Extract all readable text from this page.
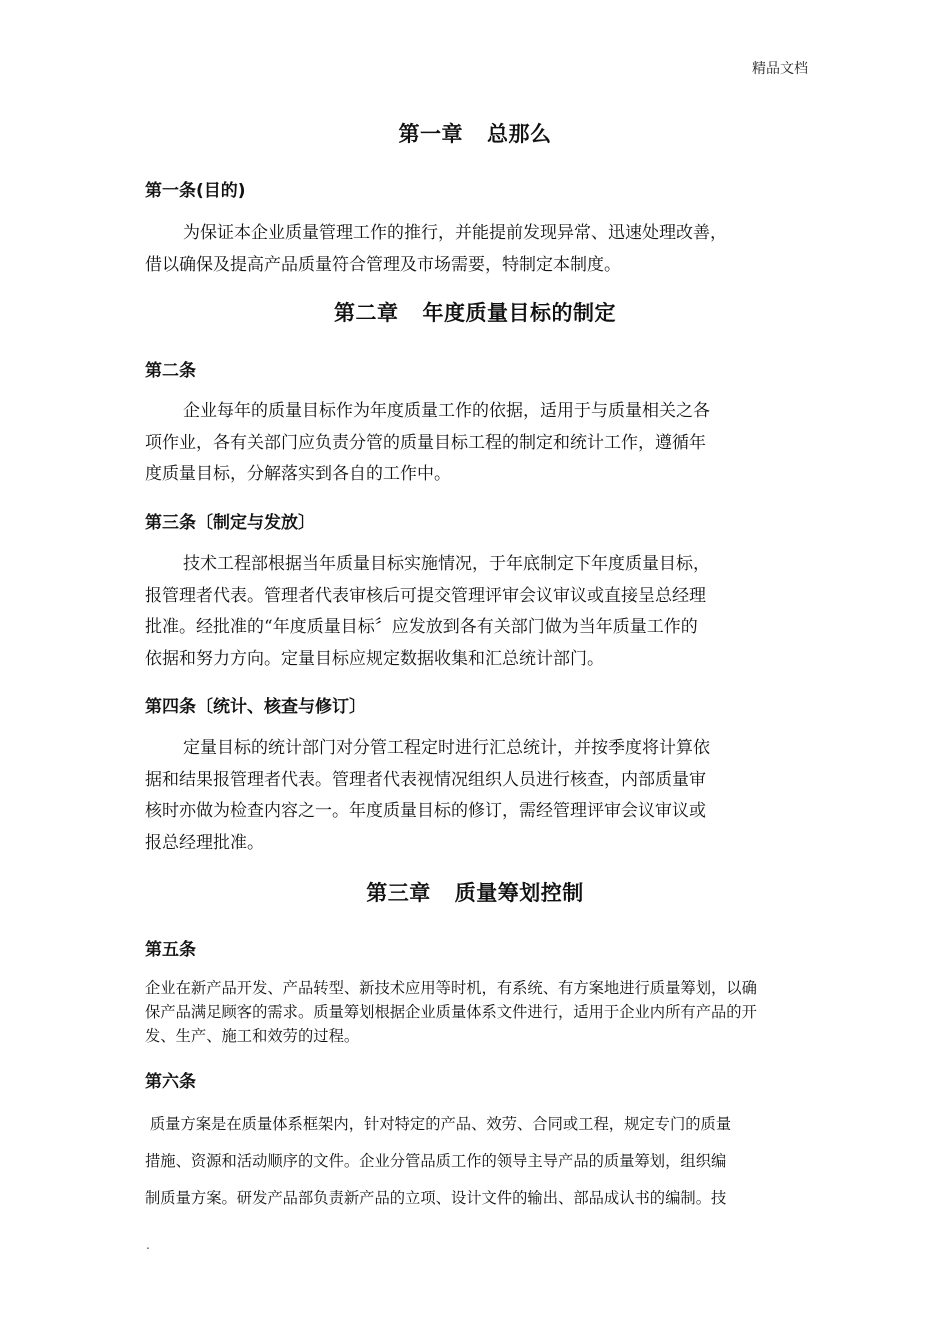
精品文档
第一章 总那么
第一条(目的)
为保证本企业质量管理工作的推行，并能提前发现异常、迅速处理改善，
借以确保及提高产品质量符合管理及市场需要，特制定本制度。
第二章 年度质量目标的制定
第二条
企业每年的质量目标作为年度质量工作的依据，适用于与质量相关之各
项作业，各有关部门应负责分管的质量目标工程的制定和统计工作，遵循年
度质量目标，分解落实到各自的工作中。
第三条〔制定与发放〕
技术工程部根据当年质量目标实施情况，于年底制定下年度质量目标，
报管理者代表。管理者代表审核后可提交管理评审会议审议或直接呈总经理
批准。经批准的“年度质量目标〞应发放到各有关部门做为当年质量工作的
依据和努力方向。定量目标应规定数据收集和汇总统计部门。
第四条〔统计、核查与修订〕
定量目标的统计部门对分管工程定时进行汇总统计，并按季度将计算依
据和结果报管理者代表。管理者代表视情况组织人员进行核查，内部质量审
核时亦做为检查内容之一。年度质量目标的修订，需经管理评审会议审议或
报总经理批准。
第三章 质量筹划控制
第五条
企业在新产品开发、产品转型、新技术应用等时机，有系统、有方案地进行质量筹划，以确
保产品满足顾客的需求。质量筹划根据企业质量体系文件进行，适用于企业内所有产品的开
发、生产、施工和效劳的过程。
第六条
质量方案是在质量体系框架内，针对特定的产品、效劳、合同或工程，规定专门的质量
措施、资源和活动顺序的文件。企业分管品质工作的领导主导产品的质量筹划，组织编
制质量方案。研发产品部负责新产品的立项、设计文件的输出、部品成认书的编制。技
.
